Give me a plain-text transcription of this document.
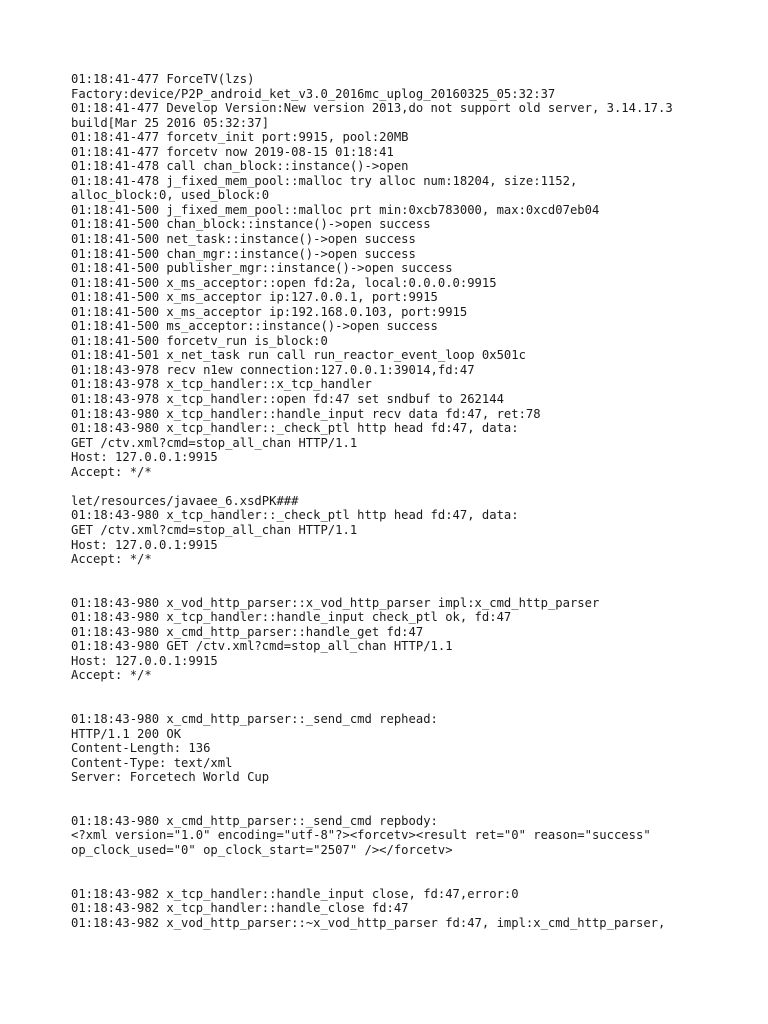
01:18:41-477 ForceTV(lzs)
Factory:device/P2P_android_ket_v3.0_2016mc_uplog_20160325_05:32:37
01:18:41-477 Develop Version:New version 2013,do not support old server, 3.14.17.3
build[Mar 25 2016 05:32:37]
01:18:41-477 forcetv_init port:9915, pool:20MB
01:18:41-477 forcetv now 2019-08-15 01:18:41
01:18:41-478 call chan_block::instance()->open
01:18:41-478 j_fixed_mem_pool::malloc try alloc num:18204, size:1152,
alloc_block:0, used_block:0
01:18:41-500 j_fixed_mem_pool::malloc prt min:0xcb783000, max:0xcd07eb04
01:18:41-500 chan_block::instance()->open success
01:18:41-500 net_task::instance()->open success
01:18:41-500 chan_mgr::instance()->open success
01:18:41-500 publisher_mgr::instance()->open success
01:18:41-500 x_ms_acceptor::open fd:2a, local:0.0.0.0:9915
01:18:41-500 x_ms_acceptor ip:127.0.0.1, port:9915
01:18:41-500 x_ms_acceptor ip:192.168.0.103, port:9915
01:18:41-500 ms_acceptor::instance()->open success
01:18:41-500 forcetv_run is_block:0
01:18:41-501 x_net_task run call run_reactor_event_loop 0x501c
01:18:43-978 recv n1ew connection:127.0.0.1:39014,fd:47
01:18:43-978 x_tcp_handler::x_tcp_handler
01:18:43-978 x_tcp_handler::open fd:47 set sndbuf to 262144
01:18:43-980 x_tcp_handler::handle_input recv data fd:47, ret:78
01:18:43-980 x_tcp_handler::_check_ptl http head fd:47, data:
GET /ctv.xml?cmd=stop_all_chan HTTP/1.1
Host: 127.0.0.1:9915
Accept: */*
let/resources/javaee_6.xsdPK###
01:18:43-980 x_tcp_handler::_check_ptl http head fd:47, data:
GET /ctv.xml?cmd=stop_all_chan HTTP/1.1
Host: 127.0.0.1:9915
Accept: */*
01:18:43-980 x_vod_http_parser::x_vod_http_parser impl:x_cmd_http_parser
01:18:43-980 x_tcp_handler::handle_input check_ptl ok, fd:47
01:18:43-980 x_cmd_http_parser::handle_get fd:47
01:18:43-980 GET /ctv.xml?cmd=stop_all_chan HTTP/1.1
Host: 127.0.0.1:9915
Accept: */*
01:18:43-980 x_cmd_http_parser::_send_cmd rephead:
HTTP/1.1 200 OK
Content-Length: 136
Content-Type: text/xml
Server: Forcetech World Cup
01:18:43-980 x_cmd_http_parser::_send_cmd repbody:
<?xml version="1.0" encoding="utf-8"?><forcetv><result ret="0" reason="success"
op_clock_used="0" op_clock_start="2507" /></forcetv>
01:18:43-982 x_tcp_handler::handle_input close, fd:47,error:0
01:18:43-982 x_tcp_handler::handle_close fd:47
01:18:43-982 x_vod_http_parser::~x_vod_http_parser fd:47, impl:x_cmd_http_parser,
